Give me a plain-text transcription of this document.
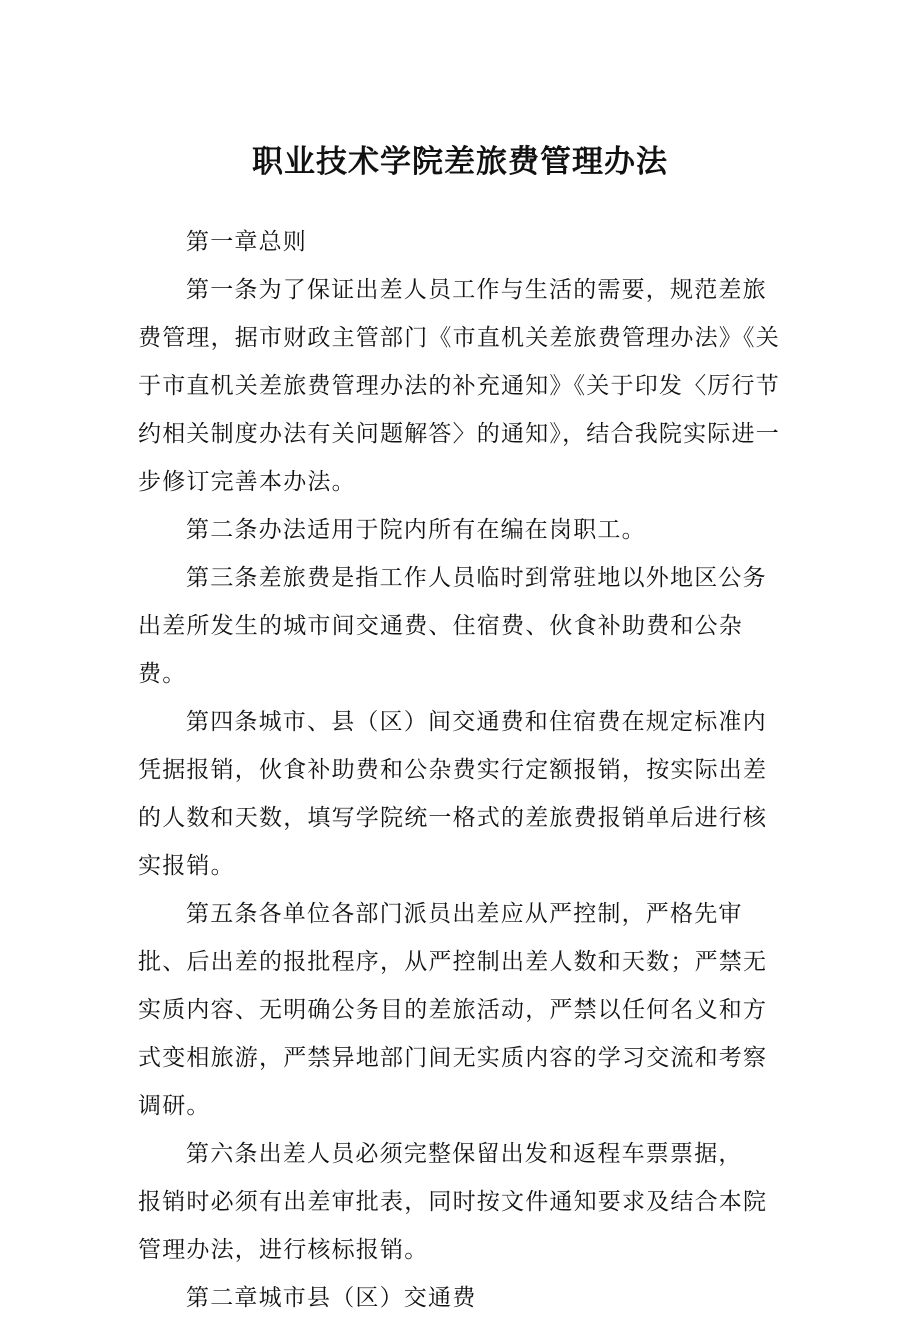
职业技术学院差旅费管理办法

第一章总则

第一条为了保证出差人员工作与生活的需要，规范差旅费管理，据市财政主管部门《市直机关差旅费管理办法》《关于市直机关差旅费管理办法的补充通知》《关于印发〈厉行节约相关制度办法有关问题解答〉的通知》，结合我院实际进一步修订完善本办法。

第二条办法适用于院内所有在编在岗职工。

第三条差旅费是指工作人员临时到常驻地以外地区公务出差所发生的城市间交通费、住宿费、伙食补助费和公杂费。

第四条城市、县（区）间交通费和住宿费在规定标准内凭据报销，伙食补助费和公杂费实行定额报销，按实际出差的人数和天数，填写学院统一格式的差旅费报销单后进行核实报销。

第五条各单位各部门派员出差应从严控制，严格先审批、后出差的报批程序，从严控制出差人数和天数；严禁无实质内容、无明确公务目的差旅活动，严禁以任何名义和方式变相旅游，严禁异地部门间无实质内容的学习交流和考察调研。

第六条出差人员必须完整保留出发和返程车票票据，

报销时必须有出差审批表，同时按文件通知要求及结合本院管理办法，进行核标报销。

第二章城市县（区）交通费
